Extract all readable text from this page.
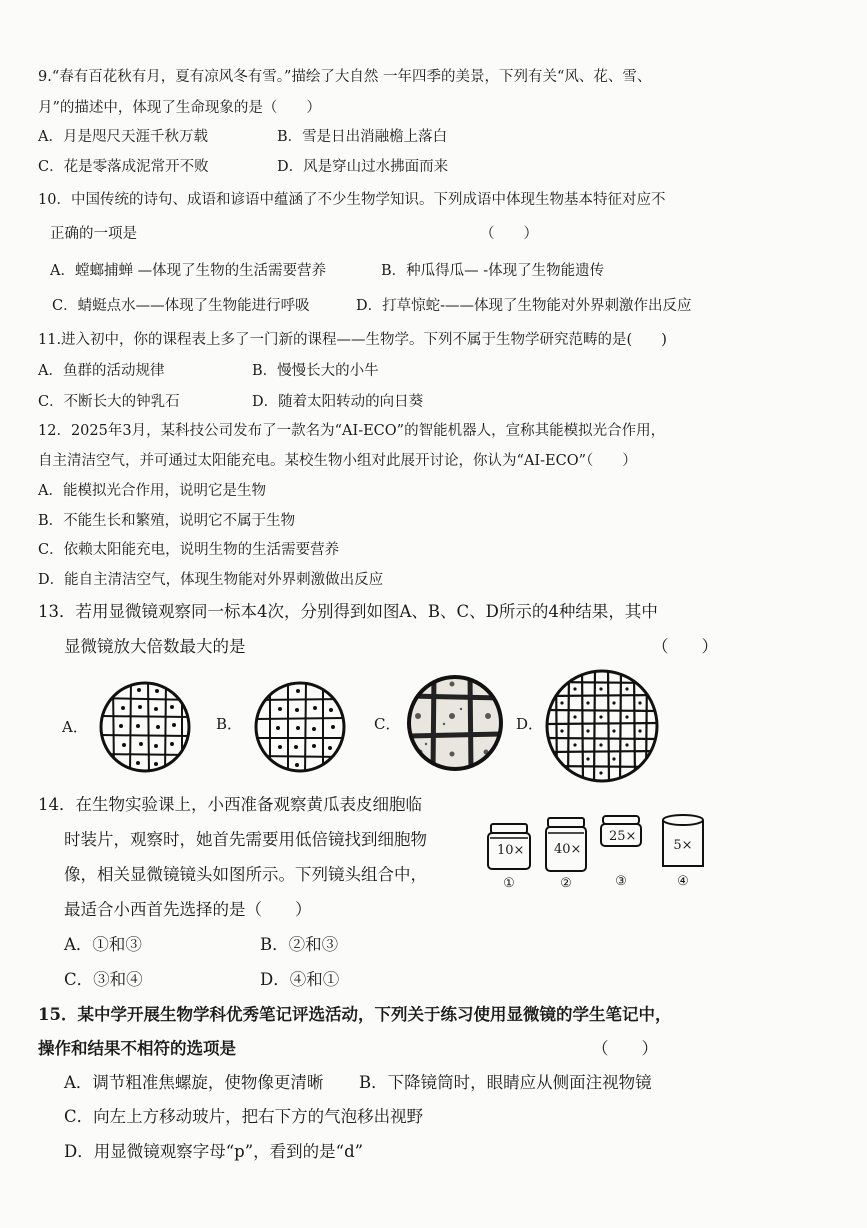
9.“春有百花秋有月，夏有凉风冬有雪。”描绘了大自然 一年四季的美景，下列有关“风、花、雪、
月”的描述中，体现了生命现象的是（　　）
A．月是咫尺天涯千秋万载	B．雪是日出消融檐上落白
C．花是零落成泥常开不败	D．风是穿山过水拂面而来
10．中国传统的诗句、成语和谚语中蕴涵了不少生物学知识。下列成语中体现生物基本特征对应不
正确的一项是	（　　）
A．螳螂捕蝉 —体现了生物的生活需要营养	B．种瓜得瓜— -体现了生物能遗传
C．蜻蜓点水——体现了生物能进行呼吸	D．打草惊蛇-——体现了生物能对外界刺激作出反应
11.进入初中，你的课程表上多了一门新的课程——生物学。下列不属于生物学研究范畴的是(　　)
A．鱼群的活动规律	B．慢慢长大的小牛
C．不断长大的钟乳石	D．随着太阳转动的向日葵
12．2025年3月，某科技公司发布了一款名为“AI-ECO”的智能机器人，宣称其能模拟光合作用，
自主清洁空气，并可通过太阳能充电。某校生物小组对此展开讨论，你认为“AI-ECO”（　　）
A．能模拟光合作用，说明它是生物
B．不能生长和繁殖，说明它不属于生物
C．依赖太阳能充电，说明生物的生活需要营养
D．能自主清洁空气，体现生物能对外界刺激做出反应
13．若用显微镜观察同一标本4次，分别得到如图A、B、C、D所示的4种结果，其中
显微镜放大倍数最大的是	（　　）
A．	B．	C．	D．
14．在生物实验课上，小西准备观察黄瓜表皮细胞临
时装片，观察时，她首先需要用低倍镜找到细胞物
像，相关显微镜镜头如图所示。下列镜头组合中，
最适合小西首先选择的是（　　）
A．①和③	B．②和③
C．③和④	D．④和①
10×
①
40×
②
25×
③
5×
④
15．某中学开展生物学科优秀笔记评选活动，下列关于练习使用显微镜的学生笔记中，
操作和结果不相符的选项是	（　　）
A．调节粗准焦螺旋，使物像更清晰 B．下降镜筒时，眼睛应从侧面注视物镜
C．向左上方移动玻片，把右下方的气泡移出视野
D．用显微镜观察字母“p”，看到的是“d”
